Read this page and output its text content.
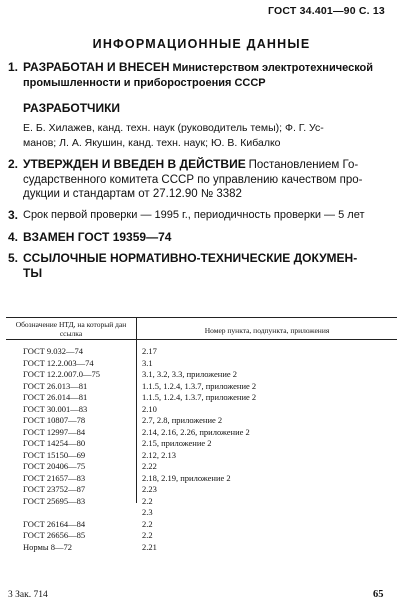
ГОСТ 34.401—90 С. 13
ИНФОРМАЦИОННЫЕ ДАННЫЕ
1. РАЗРАБОТАН И ВНЕСЕН Министерством электротехнической
промышленности и приборостроения СССР
РАЗРАБОТЧИКИ
Е. Б. Хилажев, канд. техн. наук (руководитель темы); Ф. Г. Ус-
манов; Л. А. Якушин, канд. техн. наук; Ю. В. Кибалко
2. УТВЕРЖДЕН И ВВЕДЕН В ДЕЙСТВИЕ Постановлением Го-
сударственного комитета СССР по управлению качеством про-
дукции и стандартам от 27.12.90 № 3382
3. Срок первой проверки — 1995 г., периодичность проверки — 5 лет
4. ВЗАМЕН ГОСТ 19359—74
5. ССЫЛОЧНЫЕ НОРМАТИВНО-ТЕХНИЧЕСКИЕ ДОКУМЕН-
ТЫ
Обозначение НТД, на который дан ссылка	Номер пункта, подпункта, приложения
ГОСТ 9.032—74	2.17
ГОСТ 12.2.003—74	3.1
ГОСТ 12.2.007.0—75	3.1, 3.2, 3.3, приложение 2
ГОСТ 26.013—81	1.1.5, 1.2.4, 1.3.7, приложение 2
ГОСТ 26.014—81	1.1.5, 1.2.4, 1.3.7, приложение 2
ГОСТ 30.001—83	2.10
ГОСТ 10807—78	2.7, 2.8, приложение 2
ГОСТ 12997—84	2.14, 2.16, 2.26, приложение 2
ГОСТ 14254—80	2.15, приложение 2
ГОСТ 15150—69	2.12, 2.13
ГОСТ 20406—75	2.22
ГОСТ 21657—83	2.18, 2.19, приложение 2
ГОСТ 23752—87	2.23
ГОСТ 25695—83	2.2
2.3
ГОСТ 26164—84	2.2
ГОСТ 26656—85	2.2
Нормы 8—72	2.21
3 Зак. 714	65
